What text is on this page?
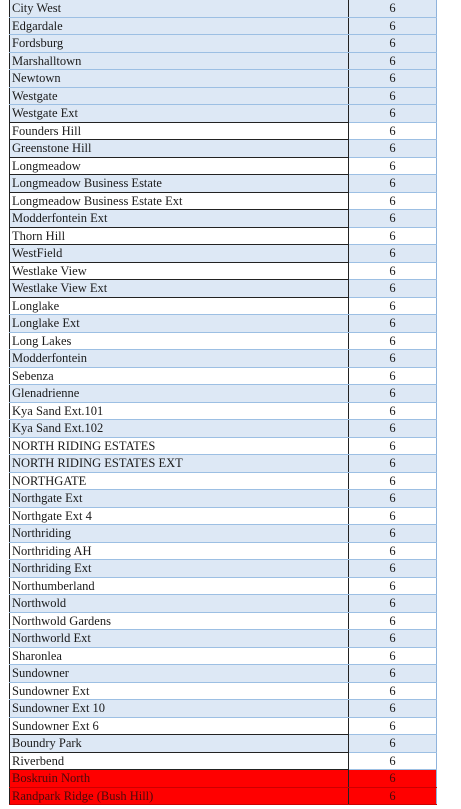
City West	6
Edgardale	6
Fordsburg	6
Marshalltown	6
Newtown	6
Westgate	6
Westgate Ext	6
Founders Hill	6
Greenstone Hill	6
Longmeadow	6
Longmeadow Business Estate	6
Longmeadow Business Estate Ext	6
Modderfontein Ext	6
Thorn Hill	6
WestField	6
Westlake View	6
Westlake View Ext	6
Longlake	6
Longlake Ext	6
Long Lakes	6
Modderfontein	6
Sebenza	6
Glenadrienne	6
Kya Sand Ext.101	6
Kya Sand Ext.102	6
NORTH RIDING ESTATES	6
NORTH RIDING ESTATES EXT	6
NORTHGATE	6
Northgate Ext	6
Northgate Ext 4	6
Northriding	6
Northriding AH	6
Northriding Ext	6
Northumberland	6
Northwold	6
Northwold Gardens	6
Northworld Ext	6
Sharonlea	6
Sundowner	6
Sundowner Ext	6
Sundowner Ext 10	6
Sundowner Ext 6	6
Boundry Park	6
Riverbend	6
Boskruin North	6
Randpark Ridge (Bush Hill)	6
